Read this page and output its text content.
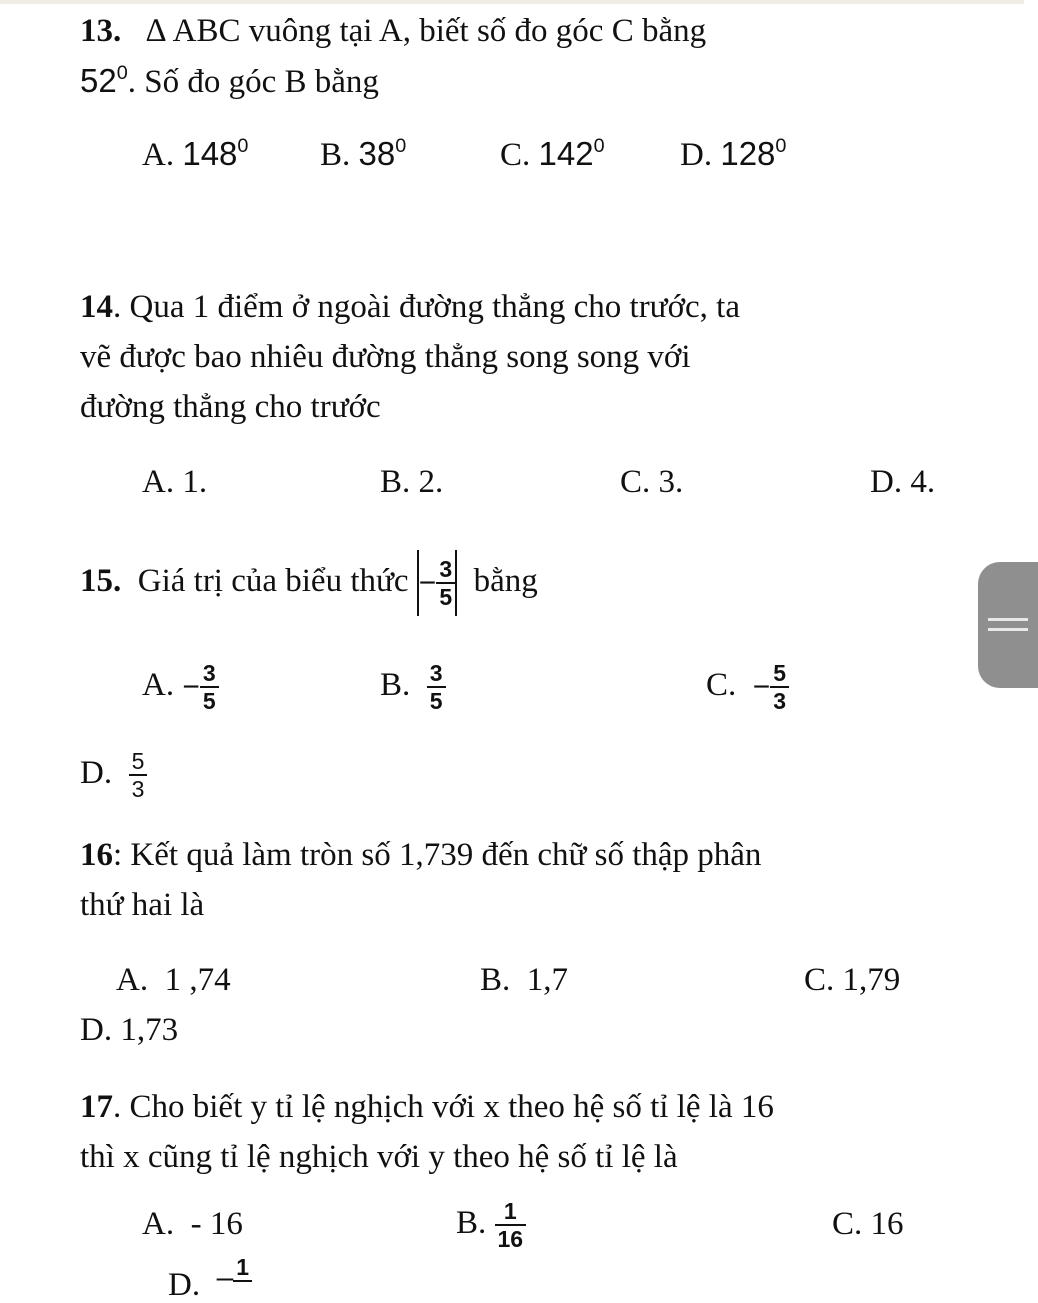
13. ∆ ABC vuông tại A, biết số đo góc C bằng

$52^0$. Số đo góc B bằng

A. $148^0$ B. $38^0$	C. $142^0$ D. $128^0$

14. Qua 1 điểm ở ngoài đường thẳng cho trước, ta

vẽ được bao nhiêu đường thẳng song song với

đường thẳng cho trước

A. 1.	B. 2.	C. 3.	D. 4.
15. Giá trị của biểu thức − $\frac{3}{5}$ bằng
A. − $\frac{3}{5}$	B. $\frac{3}{5}$	C. − $\frac{5}{3}$
D. $\frac{5}{3}$

16: Kết quả làm tròn số 1,739 đến chữ số thập phân

thứ hai là

A. 1 ,74	B. 1,7	C. 1,79
D. 1,73

17. Cho biết y tỉ lệ nghịch với x theo hệ số tỉ lệ là 16

thì x cũng tỉ lệ nghịch với y theo hệ số tỉ lệ là

A. - 16	B. $\frac{1}{16}$	C. 16
D. – 1
